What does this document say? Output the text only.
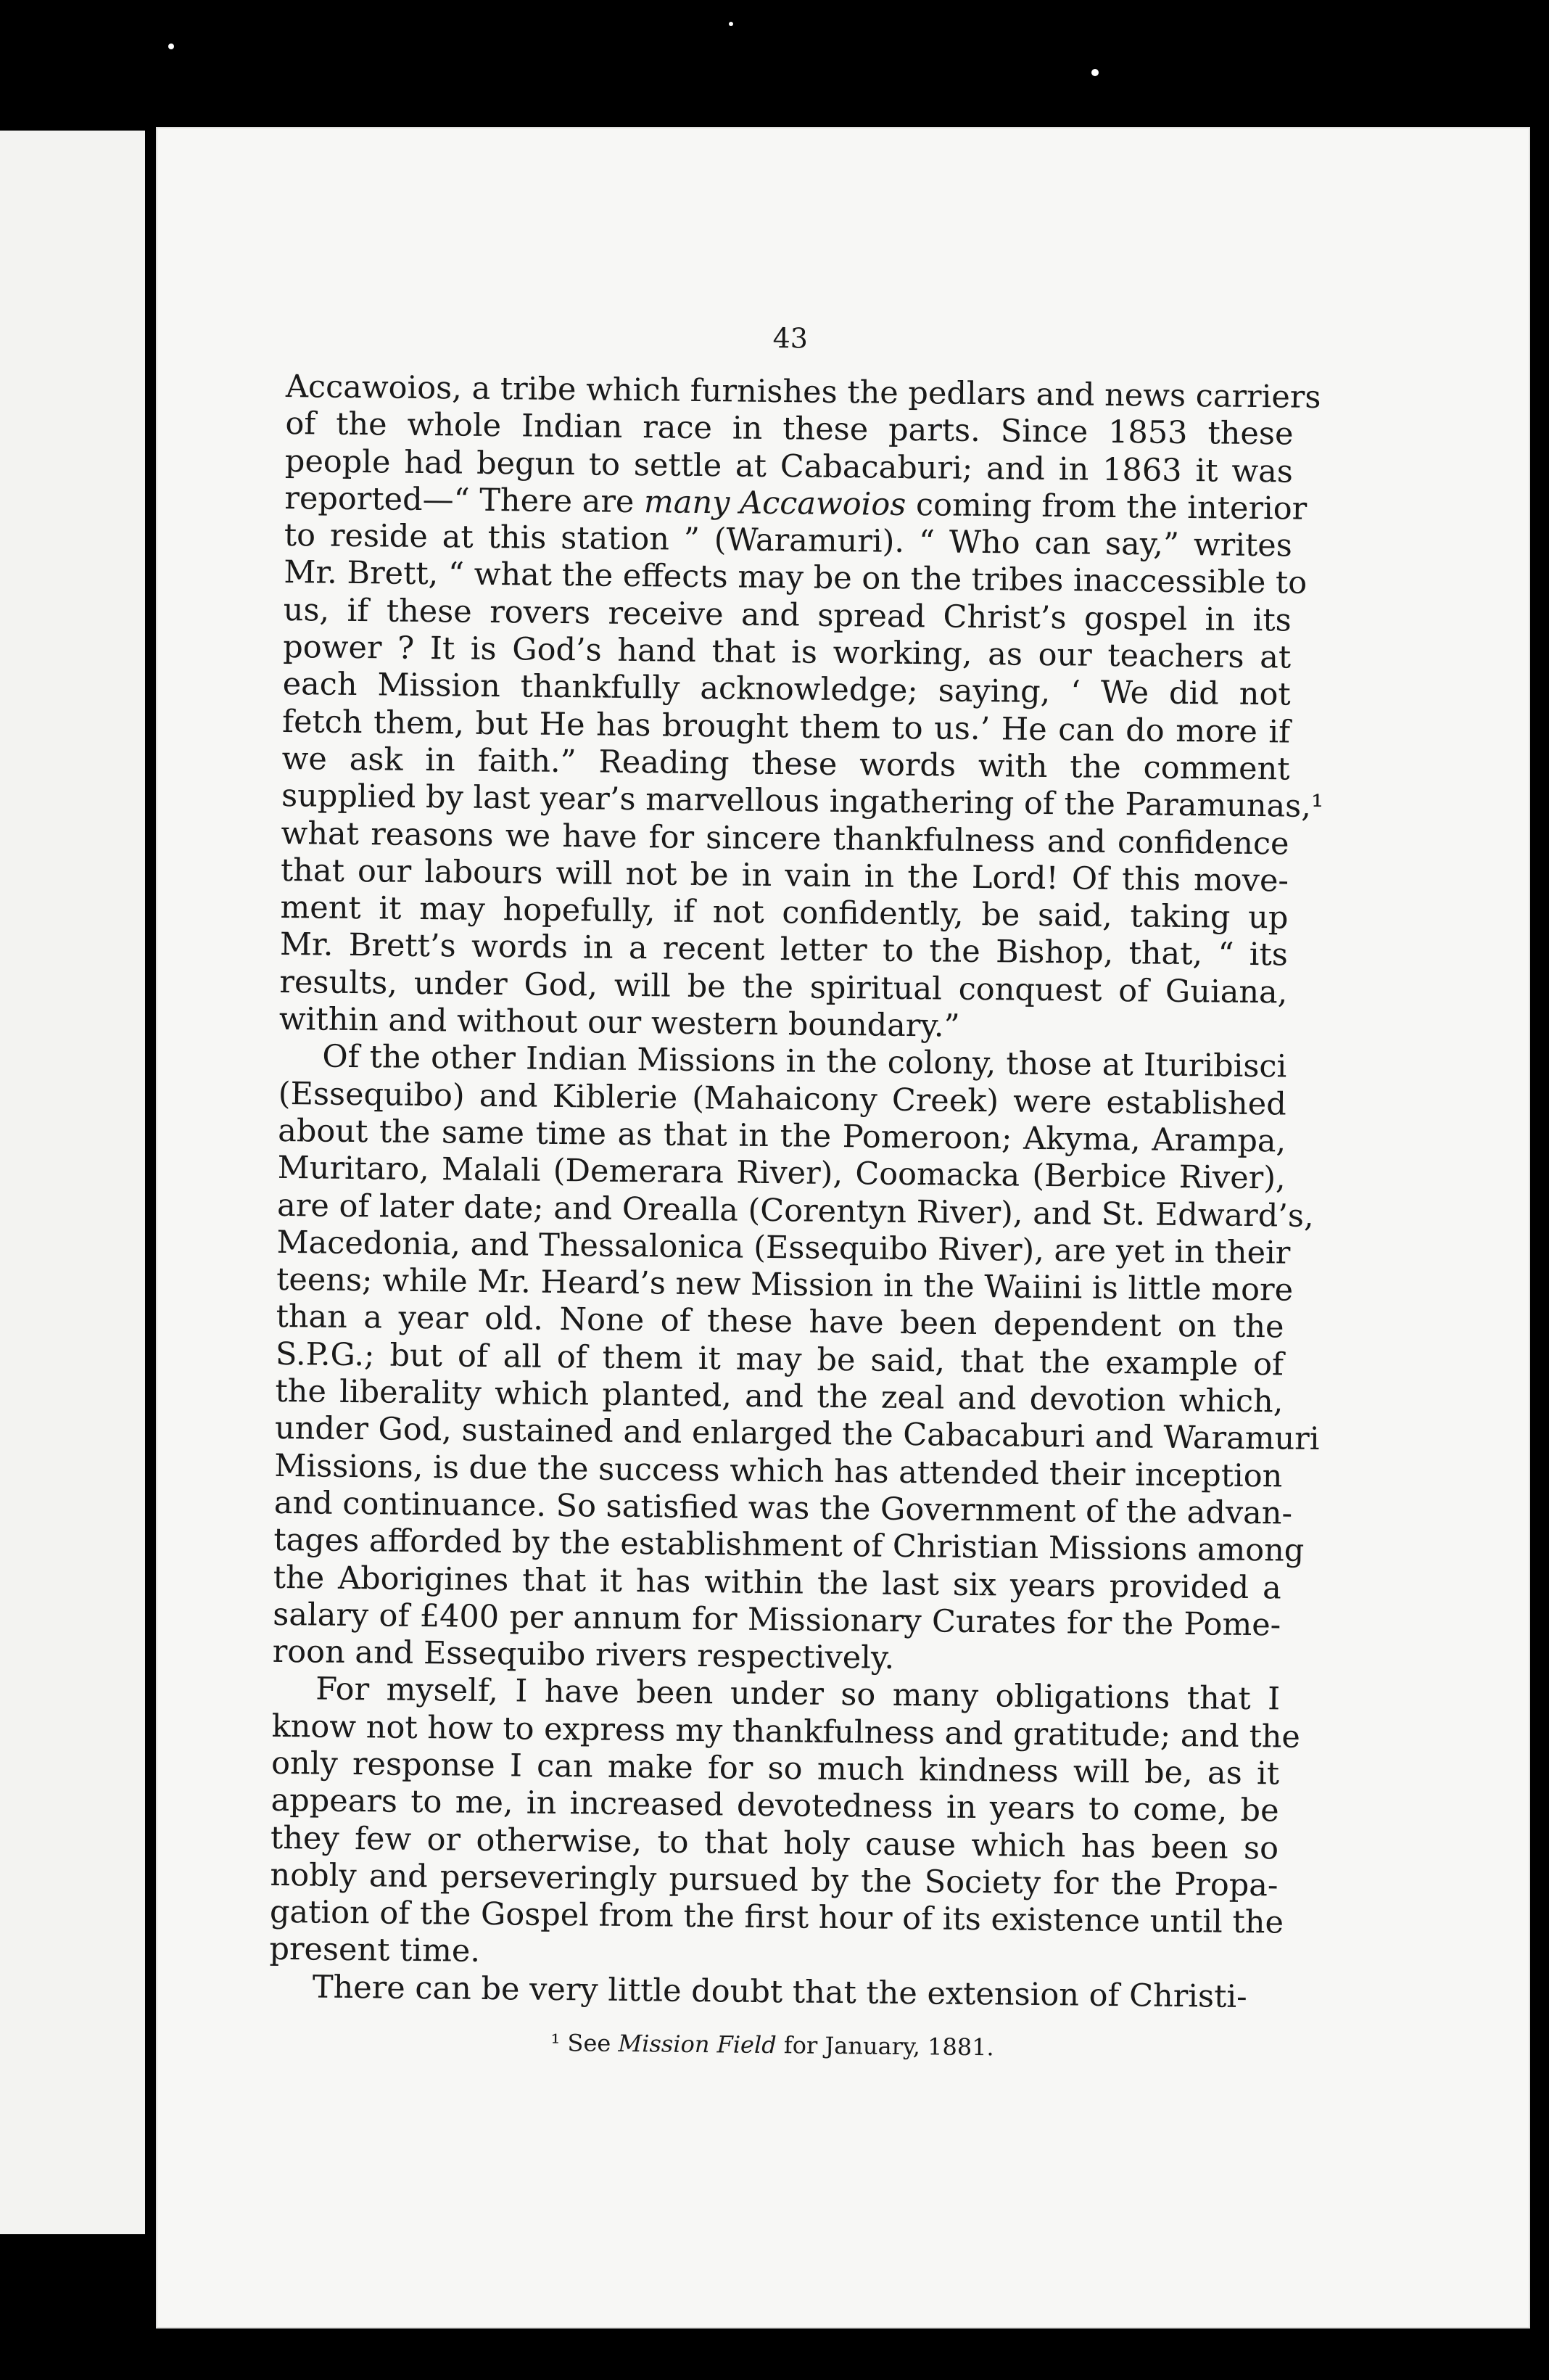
43
Accawoios, a tribe which furnishes the pedlars and news carriers
of the whole Indian race in these parts. Since 1853 these
people had begun to settle at Cabacaburi; and in 1863 it was
reported—“ There are many Accawoios coming from the interior
to reside at this station ” (Waramuri). “ Who can say,” writes
Mr. Brett, “ what the effects may be on the tribes inaccessible to
us, if these rovers receive and spread Christ’s gospel in its
power ? It is God’s hand that is working, as our teachers at
each Mission thankfully acknowledge; saying, ‘ We did not
fetch them, but He has brought them to us.’ He can do more if
we ask in faith.” Reading these words with the comment
supplied by last year’s marvellous ingathering of the Paramunas,¹
what reasons we have for sincere thankfulness and confidence
that our labours will not be in vain in the Lord! Of this move-
ment it may hopefully, if not confidently, be said, taking up
Mr. Brett’s words in a recent letter to the Bishop, that, “ its
results, under God, will be the spiritual conquest of Guiana,
within and without our western boundary.”
Of the other Indian Missions in the colony, those at Ituribisci
(Essequibo) and Kiblerie (Mahaicony Creek) were established
about the same time as that in the Pomeroon; Akyma, Arampa,
Muritaro, Malali (Demerara River), Coomacka (Berbice River),
are of later date; and Orealla (Corentyn River), and St. Edward’s,
Macedonia, and Thessalonica (Essequibo River), are yet in their
teens; while Mr. Heard’s new Mission in the Waiini is little more
than a year old. None of these have been dependent on the
S.P.G.; but of all of them it may be said, that the example of
the liberality which planted, and the zeal and devotion which,
under God, sustained and enlarged the Cabacaburi and Waramuri
Missions, is due the success which has attended their inception
and continuance. So satisfied was the Government of the advan-
tages afforded by the establishment of Christian Missions among
the Aborigines that it has within the last six years provided a
salary of £400 per annum for Missionary Curates for the Pome-
roon and Essequibo rivers respectively.
For myself, I have been under so many obligations that I
know not how to express my thankfulness and gratitude; and the
only response I can make for so much kindness will be, as it
appears to me, in increased devotedness in years to come, be
they few or otherwise, to that holy cause which has been so
nobly and perseveringly pursued by the Society for the Propa-
gation of the Gospel from the first hour of its existence until the
present time.
There can be very little doubt that the extension of Christi-
¹ See Mission Field for January, 1881.
